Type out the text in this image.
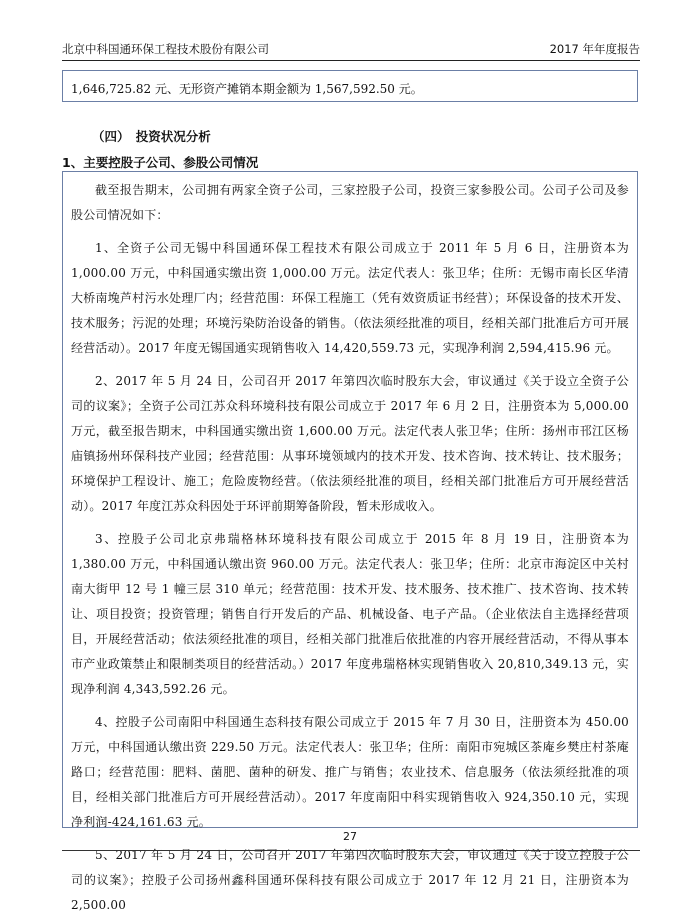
北京中科国通环保工程技术股份有限公司	2017 年年度报告

1,646,725.82 元、无形资产摊销本期金额为 1,567,592.50 元。

（四）　投资状况分析
1、主要控股子公司、参股公司情况

截至报告期末，公司拥有两家全资子公司，三家控股子公司，投资三家参股公司。公司子公司及参股公司情况如下：

1、全资子公司无锡中科国通环保工程技术有限公司成立于 2011 年 5 月 6 日，注册资本为 1,000.00 万元，中科国通实缴出资 1,000.00 万元。法定代表人：张卫华；住所：无锡市南长区华清大桥南堍芦村污水处理厂内；经营范围：环保工程施工（凭有效资质证书经营）；环保设备的技术开发、技术服务；污泥的处理；环境污染防治设备的销售。（依法须经批准的项目，经相关部门批准后方可开展经营活动）。2017 年度无锡国通实现销售收入 14,420,559.73 元，实现净利润 2,594,415.96 元。

2、2017 年 5 月 24 日，公司召开 2017 年第四次临时股东大会，审议通过《关于设立全资子公司的议案》；全资子公司江苏众科环境科技有限公司成立于 2017 年 6 月 2 日，注册资本为 5,000.00 万元，截至报告期末，中科国通实缴出资 1,600.00 万元。法定代表人张卫华；住所：扬州市邗江区杨庙镇扬州环保科技产业园；经营范围：从事环境领域内的技术开发、技术咨询、技术转让、技术服务；环境保护工程设计、施工；危险废物经营。（依法须经批准的项目，经相关部门批准后方可开展经营活动）。2017 年度江苏众科因处于环评前期筹备阶段，暂未形成收入。

3、控股子公司北京弗瑞格林环境科技有限公司成立于 2015 年 8 月 19 日，注册资本为 1,380.00 万元，中科国通认缴出资 960.00 万元。法定代表人：张卫华；住所：北京市海淀区中关村南大街甲 12 号 1 幢三层 310 单元；经营范围：技术开发、技术服务、技术推广、技术咨询、技术转让、项目投资；投资管理；销售自行开发后的产品、机械设备、电子产品。（企业依法自主选择经营项目，开展经营活动；依法须经批准的项目，经相关部门批准后依批准的内容开展经营活动，不得从事本市产业政策禁止和限制类项目的经营活动。）2017 年度弗瑞格林实现销售收入 20,810,349.13 元，实现净利润 4,343,592.26 元。

4、控股子公司南阳中科国通生态科技有限公司成立于 2015 年 7 月 30 日，注册资本为 450.00 万元，中科国通认缴出资 229.50 万元。法定代表人：张卫华；住所：南阳市宛城区茶庵乡樊庄村茶庵路口；经营范围：肥料、菌肥、菌种的研发、推广与销售；农业技术、信息服务（依法须经批准的项目，经相关部门批准后方可开展经营活动）。2017 年度南阳中科实现销售收入 924,350.10 元，实现净利润-424,161.63 元。

5、2017 年 5 月 24 日，公司召开 2017 年第四次临时股东大会，审议通过《关于设立控股子公司的议案》；控股子公司扬州鑫科国通环保科技有限公司成立于 2017 年 12 月 21 日，注册资本为 2,500.00

27
